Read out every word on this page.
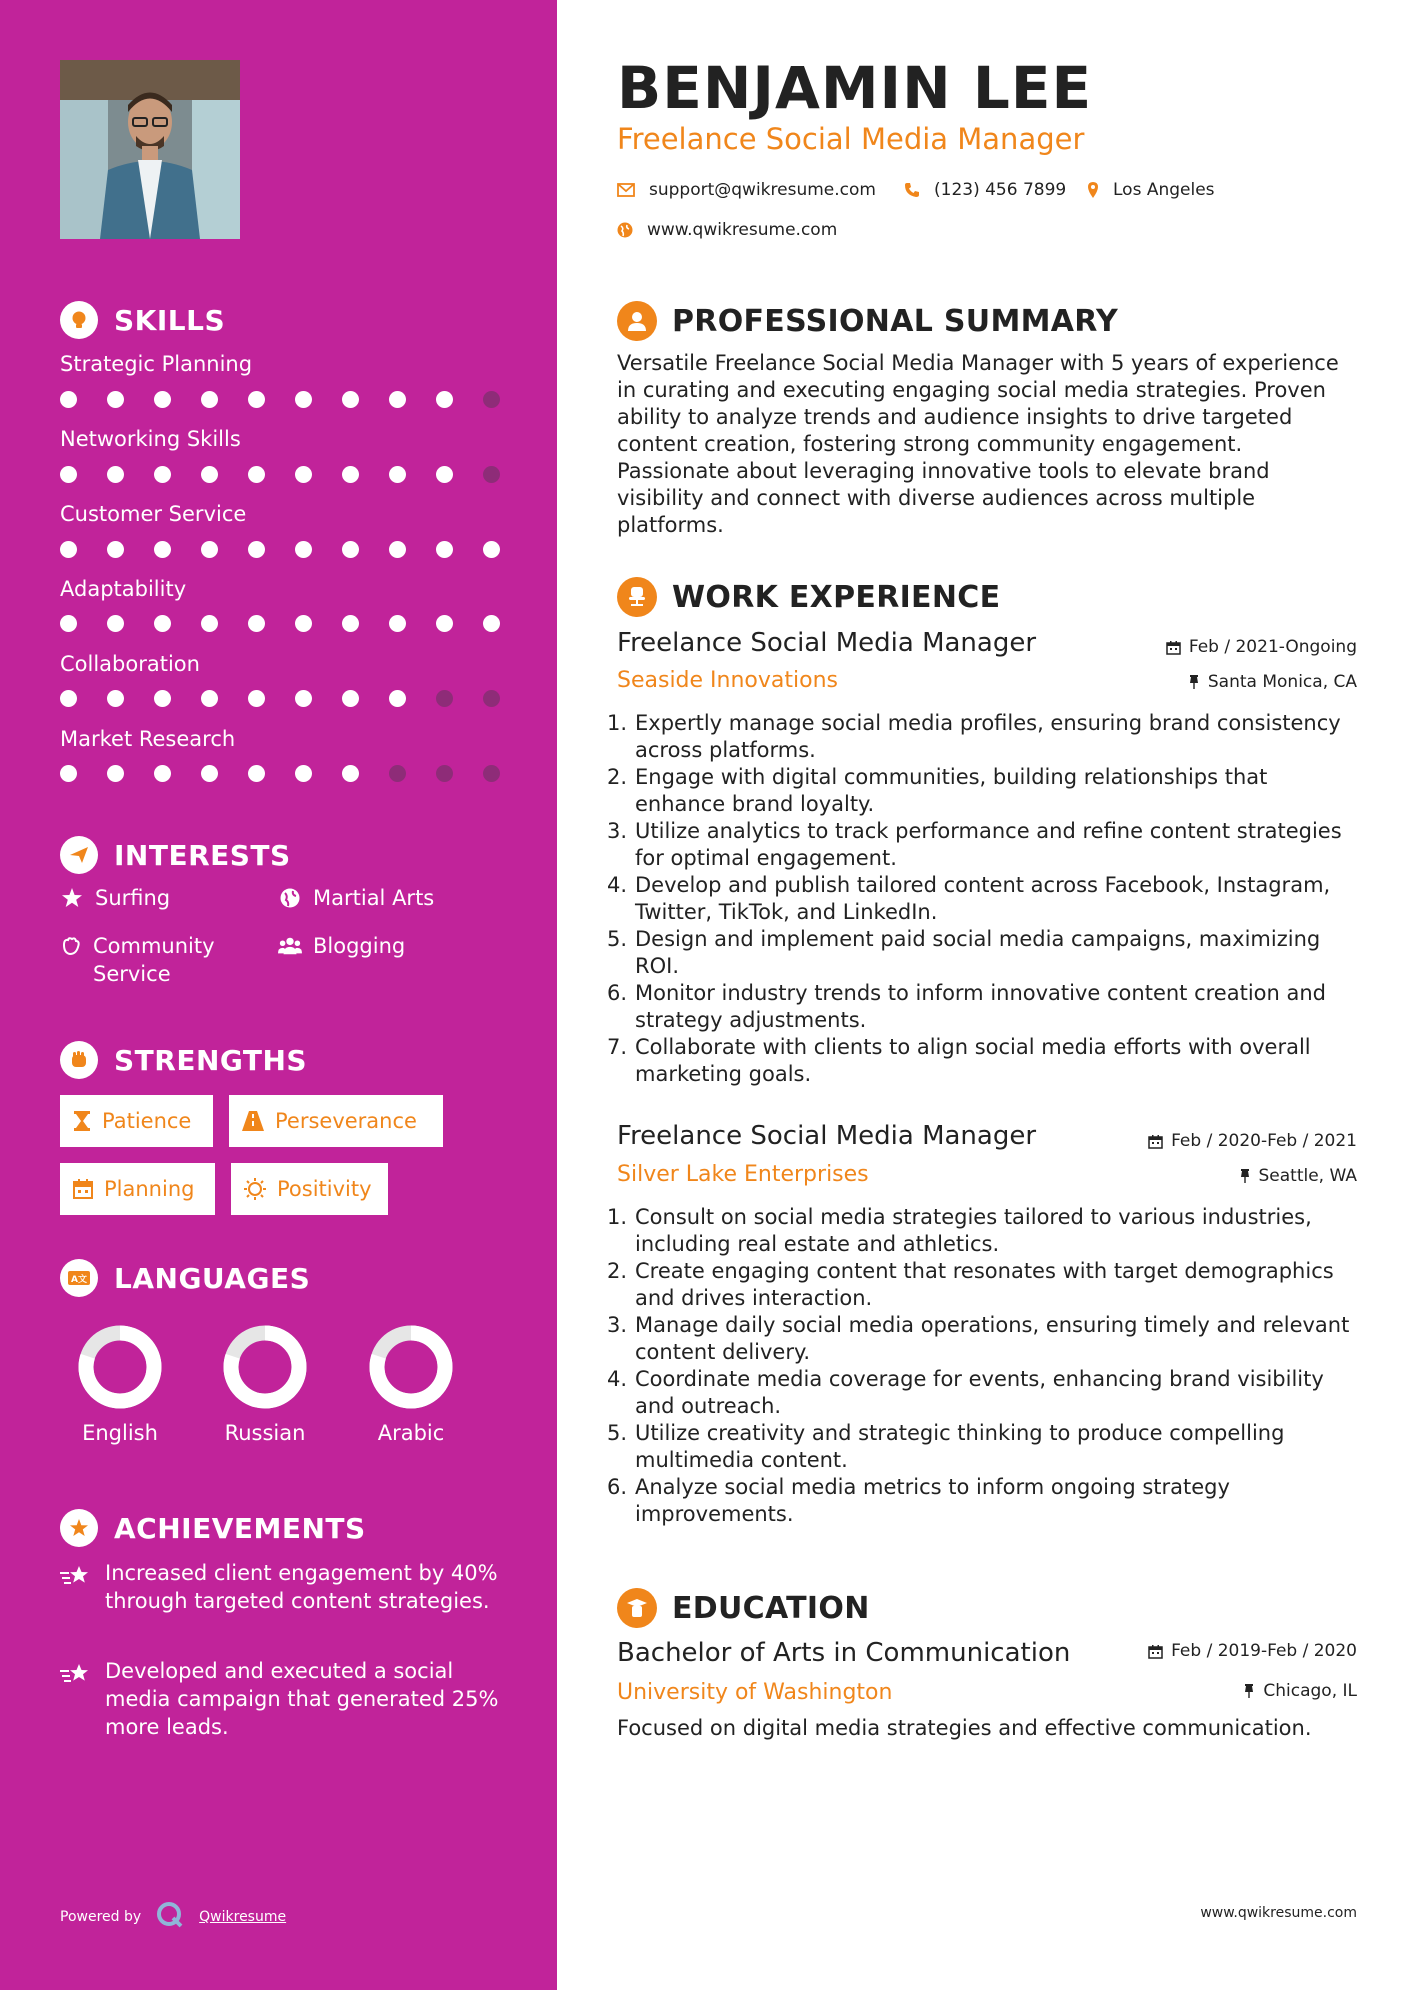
SKILLS
Strategic Planning
Networking Skills
Customer Service
Adaptability
Collaboration
Market Research
INTERESTS
Surfing	Martial Arts
Community Service
Blogging
STRENGTHS
Patience	Perseverance
Planning	Positivity
A文 LANGUAGES
English	Russian	Arabic
ACHIEVEMENTS
Increased client engagement by 40% through targeted content strategies.
Developed and executed a social media campaign that generated 25% more leads.
Powered by	Qwikresume
BENJAMIN LEE
Freelance Social Media Manager
support@qwikresume.com	(123) 456 7899	Los Angeles
www.qwikresume.com
PROFESSIONAL SUMMARY
Versatile Freelance Social Media Manager with 5 years of experience in curating and executing engaging social media strategies. Proven ability to analyze trends and audience insights to drive targeted content creation, fostering strong community engagement. Passionate about leveraging innovative tools to elevate brand visibility and connect with diverse audiences across multiple platforms.
WORK EXPERIENCE
Freelance Social Media Manager	Feb / 2021-Ongoing
Seaside Innovations	Santa Monica, CA
1. Expertly manage social media profiles, ensuring brand consistency across platforms.
2. Engage with digital communities, building relationships that enhance brand loyalty.
3. Utilize analytics to track performance and refine content strategies for optimal engagement.
4. Develop and publish tailored content across Facebook, Instagram, Twitter, TikTok, and LinkedIn.
5. Design and implement paid social media campaigns, maximizing ROI.
6. Monitor industry trends to inform innovative content creation and strategy adjustments.
7. Collaborate with clients to align social media efforts with overall marketing goals.
Freelance Social Media Manager	Feb / 2020-Feb / 2021
Silver Lake Enterprises	Seattle, WA
1. Consult on social media strategies tailored to various industries, including real estate and athletics.
2. Create engaging content that resonates with target demographics and drives interaction.
3. Manage daily social media operations, ensuring timely and relevant content delivery.
4. Coordinate media coverage for events, enhancing brand visibility and outreach.
5. Utilize creativity and strategic thinking to produce compelling multimedia content.
6. Analyze social media metrics to inform ongoing strategy improvements.
EDUCATION
Bachelor of Arts in Communication	Feb / 2019-Feb / 2020
University of Washington	Chicago, IL
Focused on digital media strategies and effective communication.
www.qwikresume.com
